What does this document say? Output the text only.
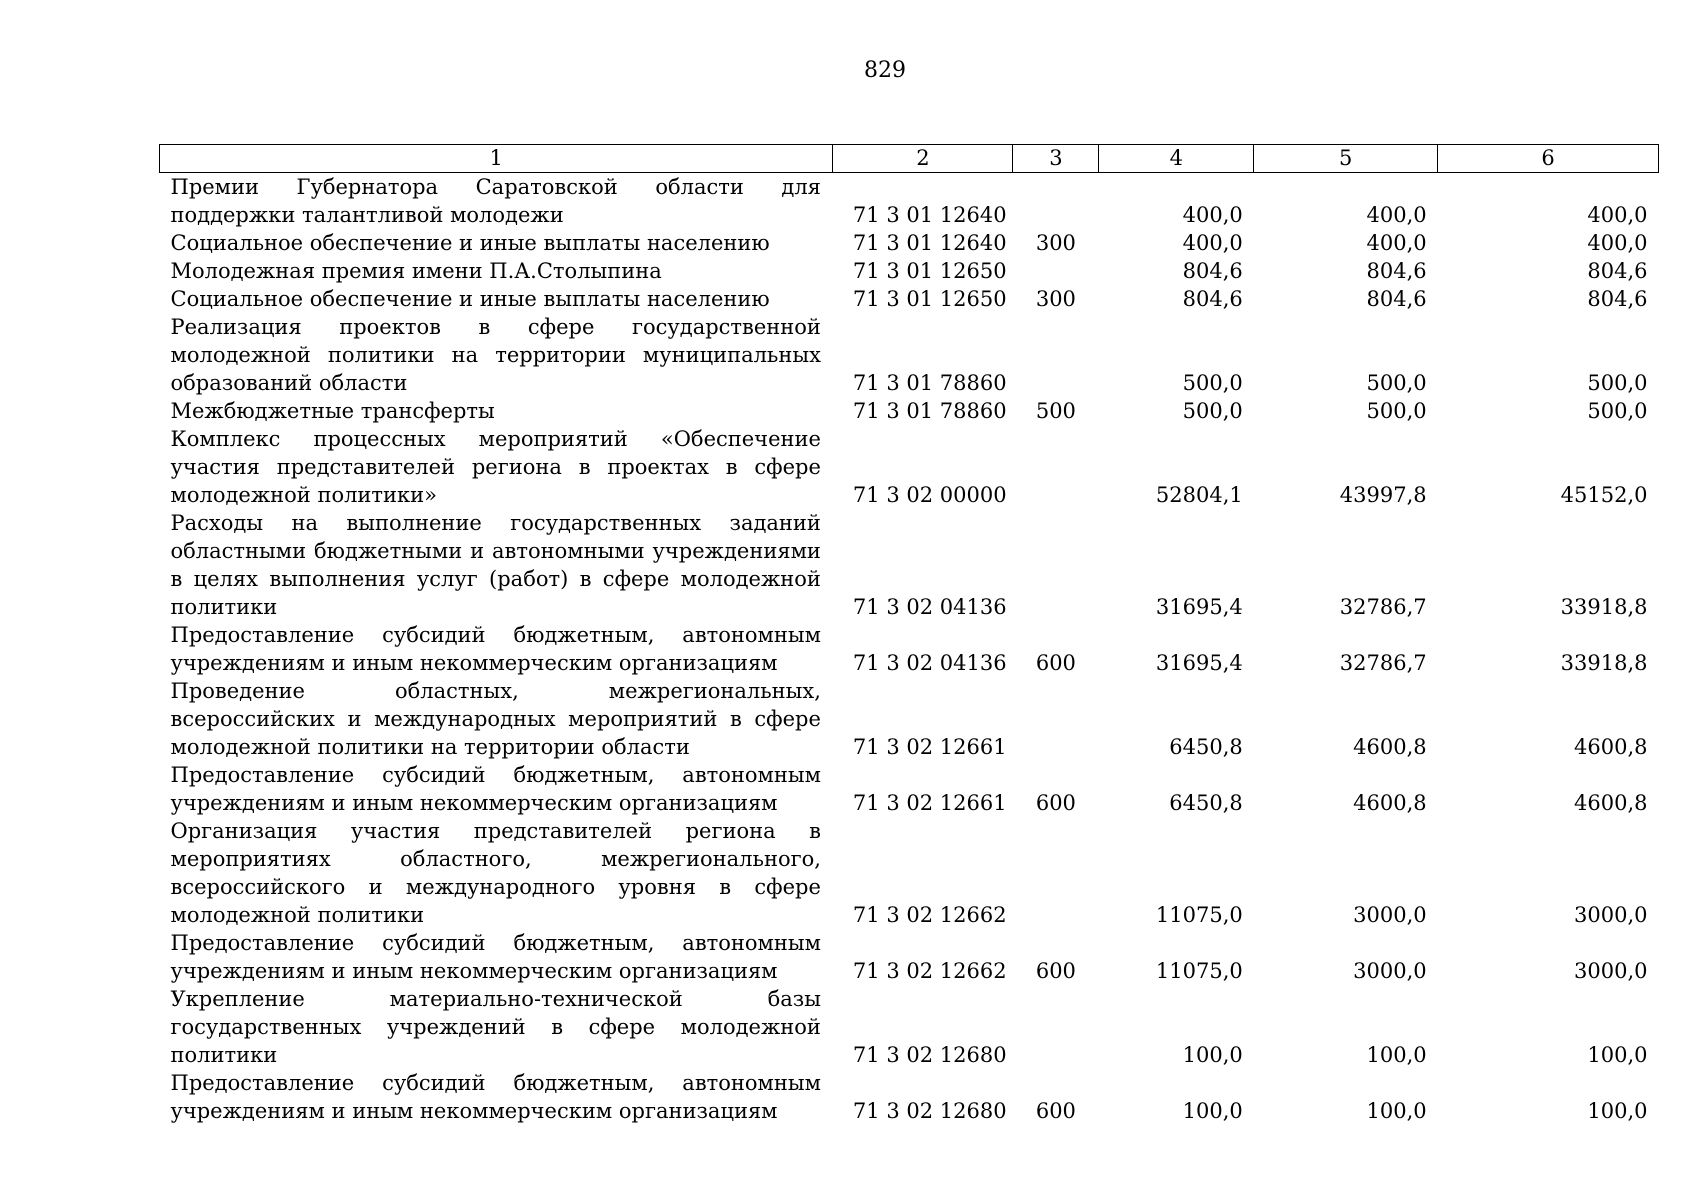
829
1	2	3	4	5	6
Премии Губернатора Саратовской области для поддержки талантливой молодежи	71 3 01 12640		400,0	400,0	400,0
Социальное обеспечение и иные выплаты населению	71 3 01 12640	300	400,0	400,0	400,0
Молодежная премия имени П.А.Столыпина	71 3 01 12650		804,6	804,6	804,6
Социальное обеспечение и иные выплаты населению	71 3 01 12650	300	804,6	804,6	804,6
Реализация проектов в сфере государственной молодежной политики на территории муниципальных образований области	71 3 01 78860		500,0	500,0	500,0
Межбюджетные трансферты	71 3 01 78860	500	500,0	500,0	500,0
Комплекс процессных мероприятий «Обеспечение участия представителей региона в проектах в сфере молодежной политики»	71 3 02 00000		52804,1	43997,8	45152,0
Расходы на выполнение государственных заданий областными бюджетными и автономными учреждениями в целях выполнения услуг (работ) в сфере молодежной политики	71 3 02 04136		31695,4	32786,7	33918,8
Предоставление субсидий бюджетным, автономным учреждениям и иным некоммерческим организациям	71 3 02 04136	600	31695,4	32786,7	33918,8
Проведение областных, межрегиональных, всероссийских и международных мероприятий в сфере молодежной политики на территории области	71 3 02 12661		6450,8	4600,8	4600,8
Предоставление субсидий бюджетным, автономным учреждениям и иным некоммерческим организациям	71 3 02 12661	600	6450,8	4600,8	4600,8
Организация участия представителей региона в мероприятиях областного, межрегионального, всероссийского и международного уровня в сфере молодежной политики	71 3 02 12662		11075,0	3000,0	3000,0
Предоставление субсидий бюджетным, автономным учреждениям и иным некоммерческим организациям	71 3 02 12662	600	11075,0	3000,0	3000,0
Укрепление материально-технической базы государственных учреждений в сфере молодежной политики	71 3 02 12680		100,0	100,0	100,0
Предоставление субсидий бюджетным, автономным учреждениям и иным некоммерческим организациям	71 3 02 12680	600	100,0	100,0	100,0
